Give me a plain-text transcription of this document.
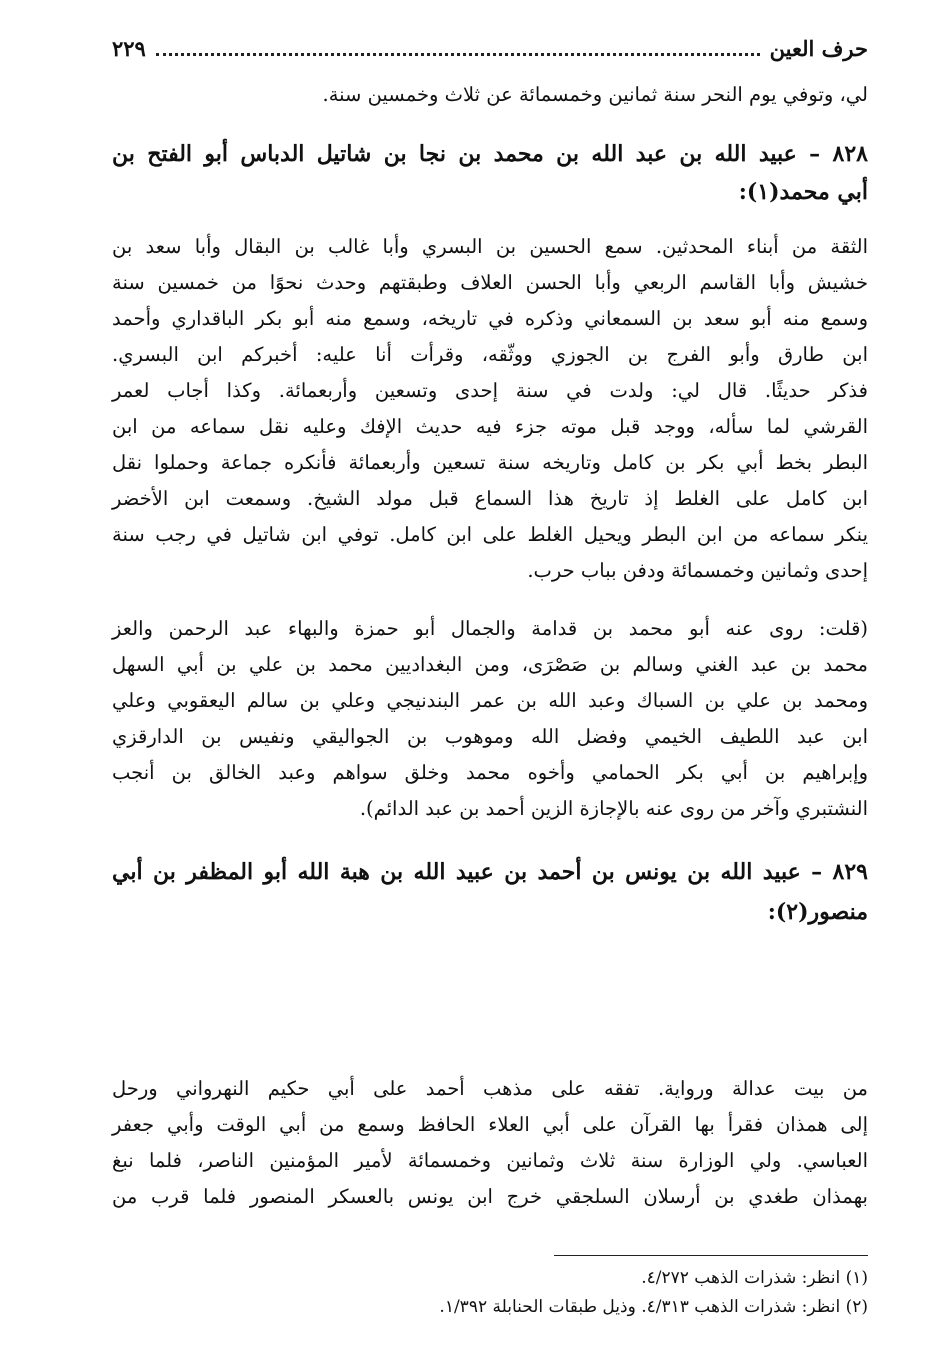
حرف العين
٢٢٩
لي، وتوفي يوم النحر سنة ثمانين وخمسمائة عن ثلاث وخمسين سنة.
٨٢٨ – عبيد الله بن عبد الله بن محمد بن نجا بن شاتيل الدباس أبو الفتح بن
أبي محمد(١):
الثقة من أبناء المحدثين. سمع الحسين بن البسري وأبا غالب بن البقال وأبا سعد بن
خشيش وأبا القاسم الربعي وأبا الحسن العلاف وطبقتهم وحدث نحوًا من خمسين سنة
وسمع منه أبو سعد بن السمعاني وذكره في تاريخه، وسمع منه أبو بكر الباقداري وأحمد
ابن طارق وأبو الفرج بن الجوزي ووثّقه، وقرأت أنا عليه: أخبركم ابن البسري.
فذكر حديثًا. قال لي: ولدت في سنة إحدى وتسعين وأربعمائة. وكذا أجاب لعمر
القرشي لما سأله، ووجد قبل موته جزء فيه حديث الإفك وعليه نقل سماعه من ابن
البطر بخط أبي بكر بن كامل وتاريخه سنة تسعين وأربعمائة فأنكره جماعة وحملوا نقل
ابن كامل على الغلط إذ تاريخ هذا السماع قبل مولد الشيخ. وسمعت ابن الأخضر
ينكر سماعه من ابن البطر ويحيل الغلط على ابن كامل. توفي ابن شاتيل في رجب سنة
إحدى وثمانين وخمسمائة ودفن بباب حرب.
(قلت: روى عنه أبو محمد بن قدامة والجمال أبو حمزة والبهاء عبد الرحمن والعز
محمد بن عبد الغني وسالم بن صَصْرَى، ومن البغداديين محمد بن علي بن أبي السهل
ومحمد بن علي بن السباك وعبد الله بن عمر البندنيجي وعلي بن سالم اليعقوبي وعلي
ابن عبد اللطيف الخيمي وفضل الله وموهوب بن الجواليقي ونفيس بن الدارقزي
وإبراهيم بن أبي بكر الحمامي وأخوه محمد وخلق سواهم وعبد الخالق بن أنجب
النشتبري وآخر من روى عنه بالإجازة الزين أحمد بن عبد الدائم).
٨٢٩ – عبيد الله بن يونس بن أحمد بن عبيد الله بن هبة الله أبو المظفر بن أبي
منصور(٢):
من بيت عدالة ورواية. تفقه على مذهب أحمد على أبي حكيم النهرواني ورحل
إلى همذان فقرأ بها القرآن على أبي العلاء الحافظ وسمع من أبي الوقت وأبي جعفر
العباسي. ولي الوزارة سنة ثلاث وثمانين وخمسمائة لأمير المؤمنين الناصر، فلما نبغ
بهمذان طغدي بن أرسلان السلجقي خرج ابن يونس بالعسكر المنصور فلما قرب من
(١) انظر: شذرات الذهب ٤/٢٧٢.
(٢) انظر: شذرات الذهب ٤/٣١٣. وذيل طبقات الحنابلة ١/٣٩٢.
